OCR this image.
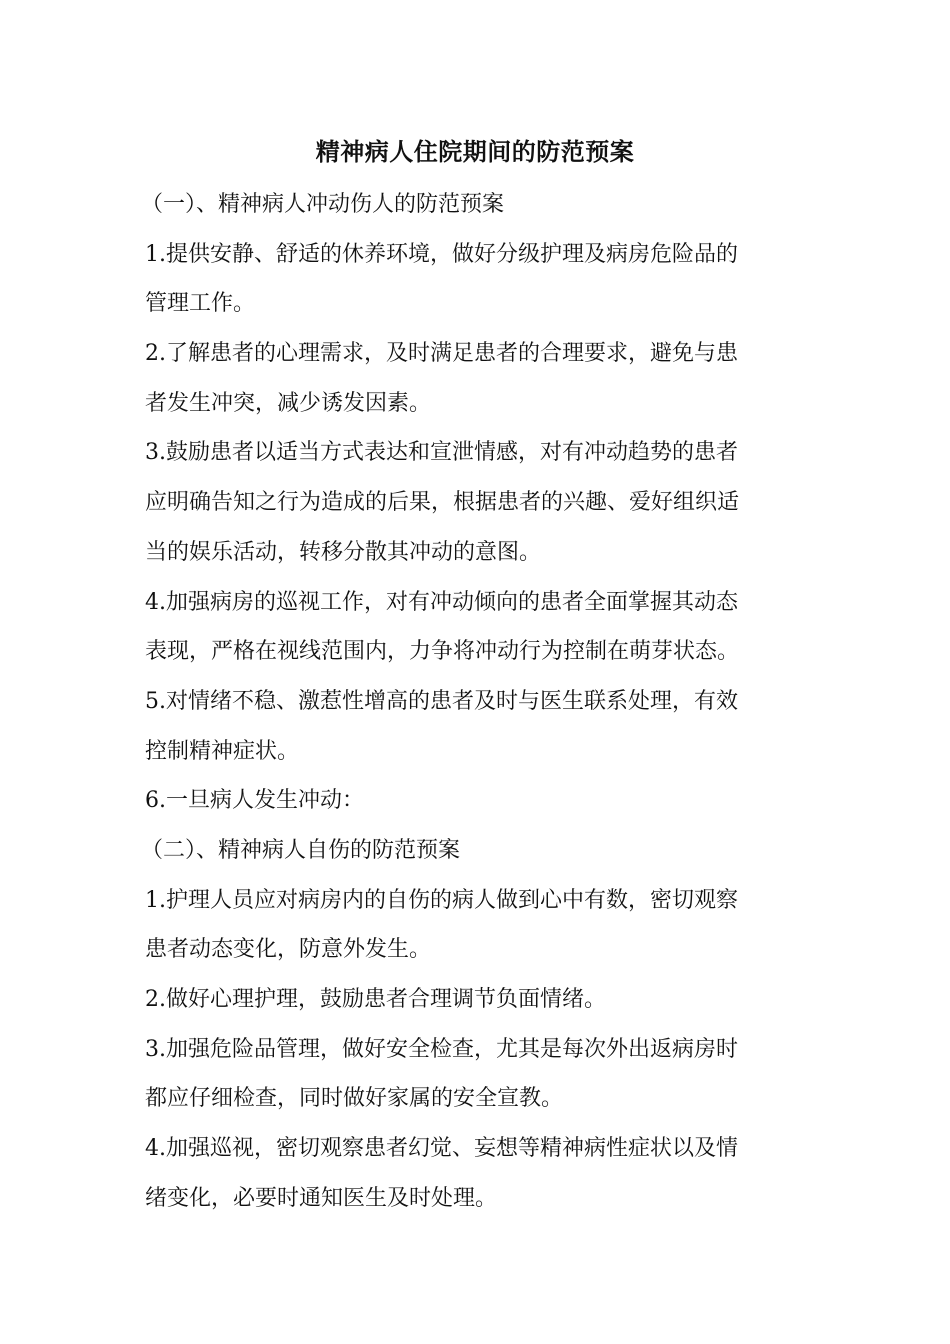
精神病人住院期间的防范预案
（一）、精神病人冲动伤人的防范预案
1.提供安静、舒适的休养环境，做好分级护理及病房危险品的
管理工作。
2.了解患者的心理需求，及时满足患者的合理要求，避免与患
者发生冲突，减少诱发因素。
3.鼓励患者以适当方式表达和宣泄情感，对有冲动趋势的患者
应明确告知之行为造成的后果，根据患者的兴趣、爱好组织适
当的娱乐活动，转移分散其冲动的意图。
4.加强病房的巡视工作，对有冲动倾向的患者全面掌握其动态
表现，严格在视线范围内，力争将冲动行为控制在萌芽状态。
5.对情绪不稳、激惹性增高的患者及时与医生联系处理，有效
控制精神症状。
6.一旦病人发生冲动：
（二）、精神病人自伤的防范预案
1.护理人员应对病房内的自伤的病人做到心中有数，密切观察
患者动态变化，防意外发生。
2.做好心理护理，鼓励患者合理调节负面情绪。
3.加强危险品管理，做好安全检查，尤其是每次外出返病房时
都应仔细检查，同时做好家属的安全宣教。
4.加强巡视，密切观察患者幻觉、妄想等精神病性症状以及情
绪变化，必要时通知医生及时处理。
